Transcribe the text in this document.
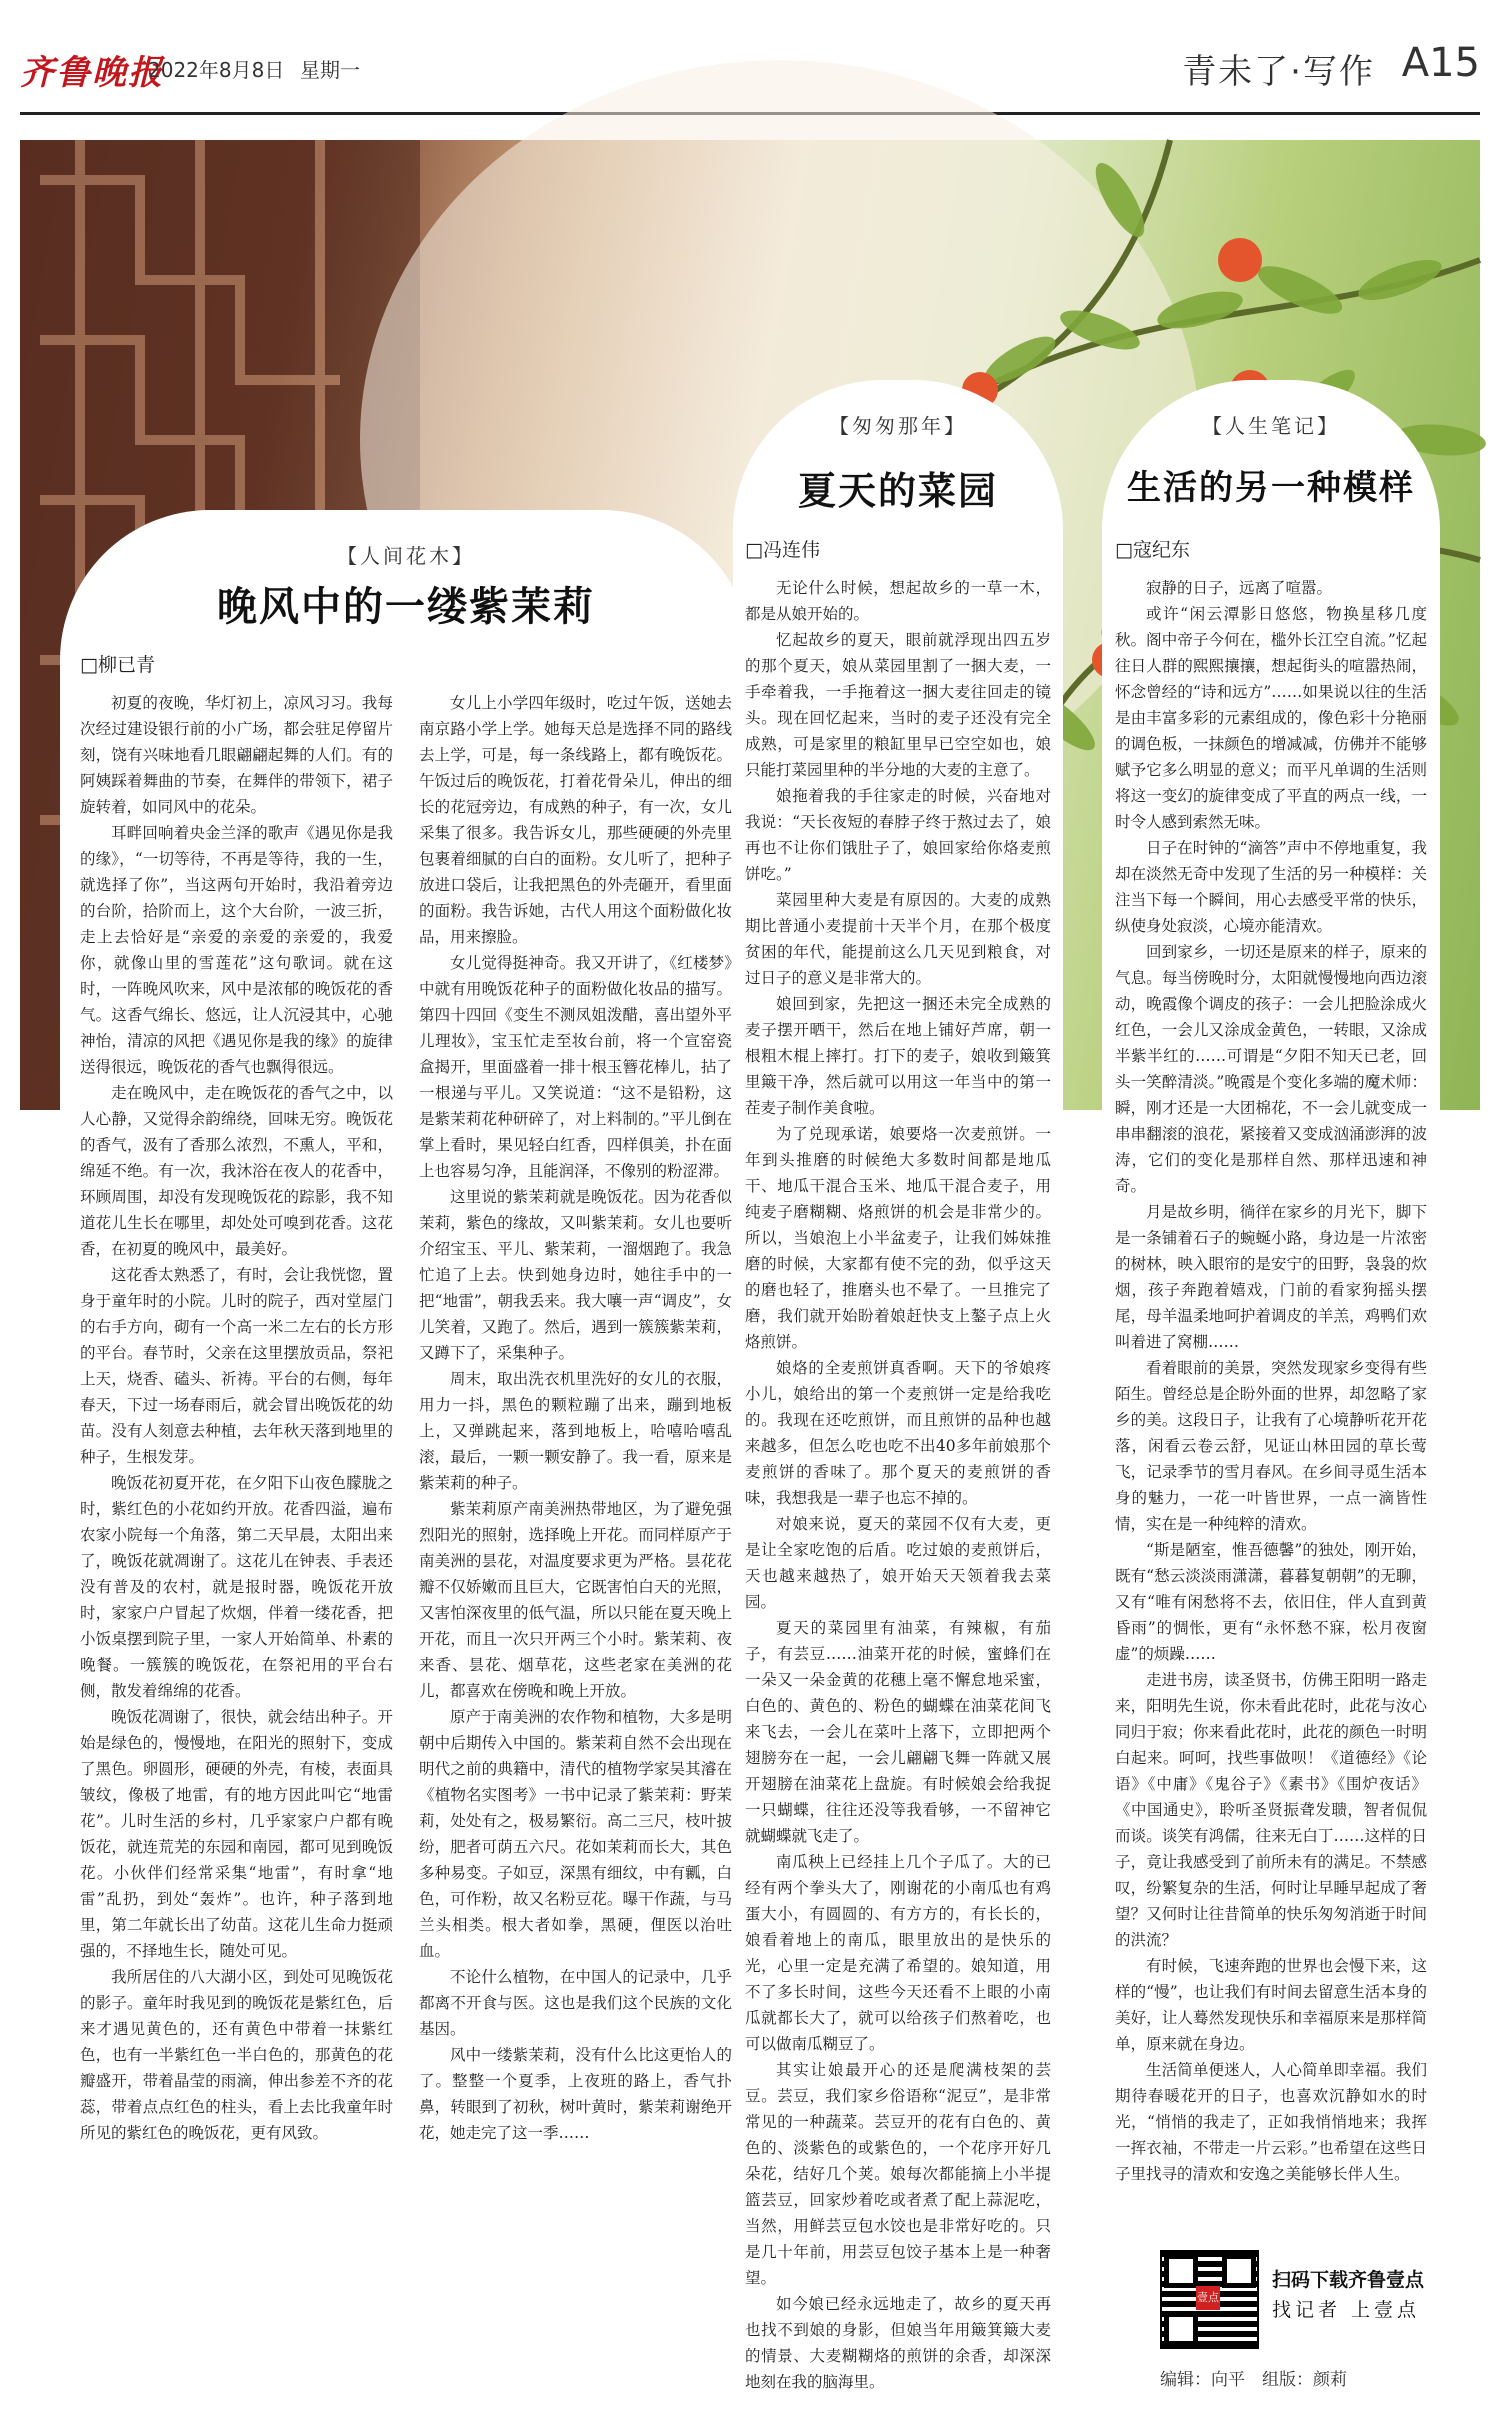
齐鲁晚报
2022年8月8日 星期一	青未了·写作 A15
【人间花木】
晚风中的一缕紫茉莉
□柳已青

初夏的夜晚，华灯初上，凉风习习。我每次经过建设银行前的小广场，都会驻足停留片刻，饶有兴味地看几眼翩翩起舞的人们。有的阿姨踩着舞曲的节奏，在舞伴的带领下，裙子旋转着，如同风中的花朵。

耳畔回响着央金兰泽的歌声《遇见你是我的缘》，“一切等待，不再是等待，我的一生，就选择了你”，当这两句开始时，我沿着旁边的台阶，拾阶而上，这个大台阶，一波三折，走上去恰好是“亲爱的亲爱的亲爱的，我爱你，就像山里的雪莲花”这句歌词。就在这时，一阵晚风吹来，风中是浓郁的晚饭花的香气。这香气绵长、悠远，让人沉浸其中，心驰神怡，清凉的风把《遇见你是我的缘》的旋律送得很远，晚饭花的香气也飘得很远。

走在晚风中，走在晚饭花的香气之中，以人心静，又觉得余韵绵绕，回味无穷。晚饭花的香气，汲有了香那么浓烈，不熏人，平和，绵延不绝。有一次，我沐浴在夜人的花香中，环顾周围，却没有发现晚饭花的踪影，我不知道花儿生长在哪里，却处处可嗅到花香。这花香，在初夏的晚风中，最美好。

这花香太熟悉了，有时，会让我恍惚，置身于童年时的小院。儿时的院子，西对堂屋门的右手方向，砌有一个高一米二左右的长方形的平台。春节时，父亲在这里摆放贡品，祭祀上天，烧香、磕头、祈祷。平台的右侧，每年春天，下过一场春雨后，就会冒出晚饭花的幼苗。没有人刻意去种植，去年秋天落到地里的种子，生根发芽。

晚饭花初夏开花，在夕阳下山夜色朦胧之时，紫红色的小花如约开放。花香四溢，遍布农家小院每一个角落，第二天早晨，太阳出来了，晚饭花就凋谢了。这花儿在钟表、手表还没有普及的农村，就是报时器，晚饭花开放时，家家户户冒起了炊烟，伴着一缕花香，把小饭桌摆到院子里，一家人开始简单、朴素的晚餐。一簇簇的晚饭花，在祭祀用的平台右侧，散发着绵绵的花香。

晚饭花凋谢了，很快，就会结出种子。开始是绿色的，慢慢地，在阳光的照射下，变成了黑色。卵圆形，硬硬的外壳，有棱，表面具皱纹，像极了地雷，有的地方因此叫它“地雷花”。儿时生活的乡村，几乎家家户户都有晚饭花，就连荒芜的东园和南园，都可见到晚饭花。小伙伴们经常采集“地雷”，有时拿“地雷”乱扔，到处“轰炸”。也许，种子落到地里，第二年就长出了幼苗。这花儿生命力挺顽强的，不择地生长，随处可见。

我所居住的八大湖小区，到处可见晚饭花的影子。童年时我见到的晚饭花是紫红色，后来才遇见黄色的，还有黄色中带着一抹紫红色，也有一半紫红色一半白色的，那黄色的花瓣盛开，带着晶莹的雨滴，伸出参差不齐的花蕊，带着点点红色的柱头，看上去比我童年时所见的紫红色的晚饭花，更有风致。

女儿上小学四年级时，吃过午饭，送她去南京路小学上学。她每天总是选择不同的路线去上学，可是，每一条线路上，都有晚饭花。午饭过后的晚饭花，打着花骨朵儿，伸出的细长的花冠旁边，有成熟的种子，有一次，女儿采集了很多。我告诉女儿，那些硬硬的外壳里包裹着细腻的白白的面粉。女儿听了，把种子放进口袋后，让我把黑色的外壳砸开，看里面的面粉。我告诉她，古代人用这个面粉做化妆品，用来擦脸。

女儿觉得挺神奇。我又开讲了，《红楼梦》中就有用晚饭花种子的面粉做化妆品的描写。第四十四回《变生不测凤姐泼醋，喜出望外平儿理妆》，宝玉忙走至妆台前，将一个宣窑瓷盒揭开，里面盛着一排十根玉簪花棒儿，拈了一根递与平儿。又笑说道：“这不是铅粉，这是紫茉莉花种研碎了，对上料制的。”平儿倒在掌上看时，果见轻白红香，四样俱美，扑在面上也容易匀净，且能润泽，不像别的粉涩滞。

这里说的紫茉莉就是晚饭花。因为花香似茉莉，紫色的缘故，又叫紫茉莉。女儿也要听介绍宝玉、平儿、紫茉莉，一溜烟跑了。我急忙追了上去。快到她身边时，她往手中的一把“地雷”，朝我丢来。我大嚷一声“调皮”，女儿笑着，又跑了。然后，遇到一簇簇紫茉莉，又蹲下了，采集种子。

周末，取出洗衣机里洗好的女儿的衣服，用力一抖，黑色的颗粒蹦了出来，蹦到地板上，又弹跳起来，落到地板上，哈嘻哈嘻乱滚，最后，一颗一颗安静了。我一看，原来是紫茉莉的种子。

紫茉莉原产南美洲热带地区，为了避免强烈阳光的照射，选择晚上开花。而同样原产于南美洲的昙花，对温度要求更为严格。昙花花瓣不仅娇嫩而且巨大，它既害怕白天的光照，又害怕深夜里的低气温，所以只能在夏天晚上开花，而且一次只开两三个小时。紫茉莉、夜来香、昙花、烟草花，这些老家在美洲的花儿，都喜欢在傍晚和晚上开放。

原产于南美洲的农作物和植物，大多是明朝中后期传入中国的。紫茉莉自然不会出现在明代之前的典籍中，清代的植物学家吴其濬在《植物名实图考》一书中记录了紫茉莉：野茉莉，处处有之，极易繁衍。高二三尺，枝叶披纷，肥者可荫五六尺。花如茉莉而长大，其色多种易变。子如豆，深黑有细纹，中有瓤，白色，可作粉，故又名粉豆花。曝干作蔬，与马兰头相类。根大者如拳，黑硬，俚医以治吐血。

不论什么植物，在中国人的记录中，几乎都离不开食与医。这也是我们这个民族的文化基因。

风中一缕紫茉莉，没有什么比这更怡人的了。整整一个夏季，上夜班的路上，香气扑鼻，转眼到了初秋，树叶黄时，紫茉莉谢绝开花，她走完了这一季……

【匆匆那年】
夏天的菜园
□冯连伟

无论什么时候，想起故乡的一草一木，都是从娘开始的。

忆起故乡的夏天，眼前就浮现出四五岁的那个夏天，娘从菜园里割了一捆大麦，一手牵着我，一手拖着这一捆大麦往回走的镜头。现在回忆起来，当时的麦子还没有完全成熟，可是家里的粮缸里早已空空如也，娘只能打菜园里种的半分地的大麦的主意了。

娘拖着我的手往家走的时候，兴奋地对我说：“天长夜短的春脖子终于熬过去了，娘再也不让你们饿肚子了，娘回家给你烙麦煎饼吃。”

菜园里种大麦是有原因的。大麦的成熟期比普通小麦提前十天半个月，在那个极度贫困的年代，能提前这么几天见到粮食，对过日子的意义是非常大的。

娘回到家，先把这一捆还未完全成熟的麦子摆开晒干，然后在地上铺好芦席，朝一根粗木棍上摔打。打下的麦子，娘收到簸箕里簸干净，然后就可以用这一年当中的第一茬麦子制作美食啦。

为了兑现承诺，娘要烙一次麦煎饼。一年到头推磨的时候绝大多数时间都是地瓜干、地瓜干混合玉米、地瓜干混合麦子，用纯麦子磨糊糊、烙煎饼的机会是非常少的。所以，当娘泡上小半盆麦子，让我们姊妹推磨的时候，大家都有使不完的劲，似乎这天的磨也轻了，推磨头也不晕了。一旦推完了磨，我们就开始盼着娘赶快支上鏊子点上火烙煎饼。

娘烙的全麦煎饼真香啊。天下的爷娘疼小儿，娘给出的第一个麦煎饼一定是给我吃的。我现在还吃煎饼，而且煎饼的品种也越来越多，但怎么吃也吃不出40多年前娘那个麦煎饼的香味了。那个夏天的麦煎饼的香味，我想我是一辈子也忘不掉的。

对娘来说，夏天的菜园不仅有大麦，更是让全家吃饱的后盾。吃过娘的麦煎饼后，天也越来越热了，娘开始天天领着我去菜园。

夏天的菜园里有油菜，有辣椒，有茄子，有芸豆……油菜开花的时候，蜜蜂们在一朵又一朵金黄的花穗上毫不懈怠地采蜜，白色的、黄色的、粉色的蝴蝶在油菜花间飞来飞去，一会儿在菜叶上落下，立即把两个翅膀夯在一起，一会儿翩翩飞舞一阵就又展开翅膀在油菜花上盘旋。有时候娘会给我捉一只蝴蝶，往往还没等我看够，一不留神它就蝴蝶就飞走了。

南瓜秧上已经挂上几个子瓜了。大的已经有两个拳头大了，刚谢花的小南瓜也有鸡蛋大小，有圆圆的、有方方的，有长长的，娘看着地上的南瓜，眼里放出的是快乐的光，心里一定是充满了希望的。娘知道，用不了多长时间，这些今天还看不上眼的小南瓜就都长大了，就可以给孩子们熬着吃，也可以做南瓜糊豆了。

其实让娘最开心的还是爬满枝架的芸豆。芸豆，我们家乡俗语称“泥豆”，是非常常见的一种蔬菜。芸豆开的花有白色的、黄色的、淡紫色的或紫色的，一个花序开好几朵花，结好几个荚。娘每次都能摘上小半提篮芸豆，回家炒着吃或者煮了配上蒜泥吃，当然，用鲜芸豆包水饺也是非常好吃的。只是几十年前，用芸豆包饺子基本上是一种奢望。

如今娘已经永远地走了，故乡的夏天再也找不到娘的身影，但娘当年用簸箕簸大麦的情景、大麦糊糊烙的煎饼的余香，却深深地刻在我的脑海里。

【人生笔记】
生活的另一种模样
□寇纪东

寂静的日子，远离了喧嚣。

或许“闲云潭影日悠悠，物换星移几度秋。阁中帝子今何在，槛外长江空自流。”忆起往日人群的熙熙攘攘，想起街头的喧嚣热闹，怀念曾经的“诗和远方”……如果说以往的生活是由丰富多彩的元素组成的，像色彩十分艳丽的调色板，一抹颜色的增减减，仿佛并不能够赋予它多么明显的意义；而平凡单调的生活则将这一变幻的旋律变成了平直的两点一线，一时令人感到索然无味。

日子在时钟的“滴答”声中不停地重复，我却在淡然无奇中发现了生活的另一种模样：关注当下每一个瞬间，用心去感受平常的快乐，纵使身处寂淡，心境亦能清欢。

回到家乡，一切还是原来的样子，原来的气息。每当傍晚时分，太阳就慢慢地向西边滚动，晚霞像个调皮的孩子：一会儿把脸涂成火红色，一会儿又涂成金黄色，一转眼，又涂成半紫半红的……可谓是“夕阳不知天已老，回头一笑醉清淡。”晚霞是个变化多端的魔术师：瞬，刚才还是一大团棉花，不一会儿就变成一串串翻滚的浪花，紧接着又变成汹涌澎湃的波涛，它们的变化是那样自然、那样迅速和神奇。

月是故乡明，徜徉在家乡的月光下，脚下是一条铺着石子的蜿蜒小路，身边是一片浓密的树林，映入眼帘的是安宁的田野，袅袅的炊烟，孩子奔跑着嬉戏，门前的看家狗摇头摆尾，母羊温柔地呵护着调皮的羊羔，鸡鸭们欢叫着进了窝棚……

看着眼前的美景，突然发现家乡变得有些陌生。曾经总是企盼外面的世界，却忽略了家乡的美。这段日子，让我有了心境静听花开花落，闲看云卷云舒，见证山林田园的草长莺飞，记录季节的雪月春风。在乡间寻觅生活本身的魅力，一花一叶皆世界，一点一滴皆性情，实在是一种纯粹的清欢。

“斯是陋室，惟吾德馨”的独处，刚开始，既有“愁云淡淡雨潇潇，暮暮复朝朝”的无聊，又有“唯有闲愁将不去，依旧住，伴人直到黄昏雨”的惆怅，更有“永怀愁不寐，松月夜窗虚”的烦躁……

走进书房，读圣贤书，仿佛王阳明一路走来，阳明先生说，你未看此花时，此花与汝心同归于寂；你来看此花时，此花的颜色一时明白起来。呵呵，找些事做呗！《道德经》《论语》《中庸》《鬼谷子》《素书》《围炉夜话》《中国通史》，聆听圣贤振聋发聩，智者侃侃而谈。谈笑有鸿儒，往来无白丁……这样的日子，竟让我感受到了前所未有的满足。不禁感叹，纷繁复杂的生活，何时让早睡早起成了奢望？又何时让往昔简单的快乐匆匆消逝于时间的洪流？

有时候，飞速奔跑的世界也会慢下来，这样的“慢”，也让我们有时间去留意生活本身的美好，让人蓦然发现快乐和幸福原来是那样简单，原来就在身边。

生活简单便迷人，人心简单即幸福。我们期待春暖花开的日子，也喜欢沉静如水的时光，“悄悄的我走了，正如我悄悄地来；我挥一挥衣袖，不带走一片云彩。”也希望在这些日子里找寻的清欢和安逸之美能够长伴人生。

壹点
扫码下载齐鲁壹点
找记者 上壹点
编辑：向平　组版：颜莉
